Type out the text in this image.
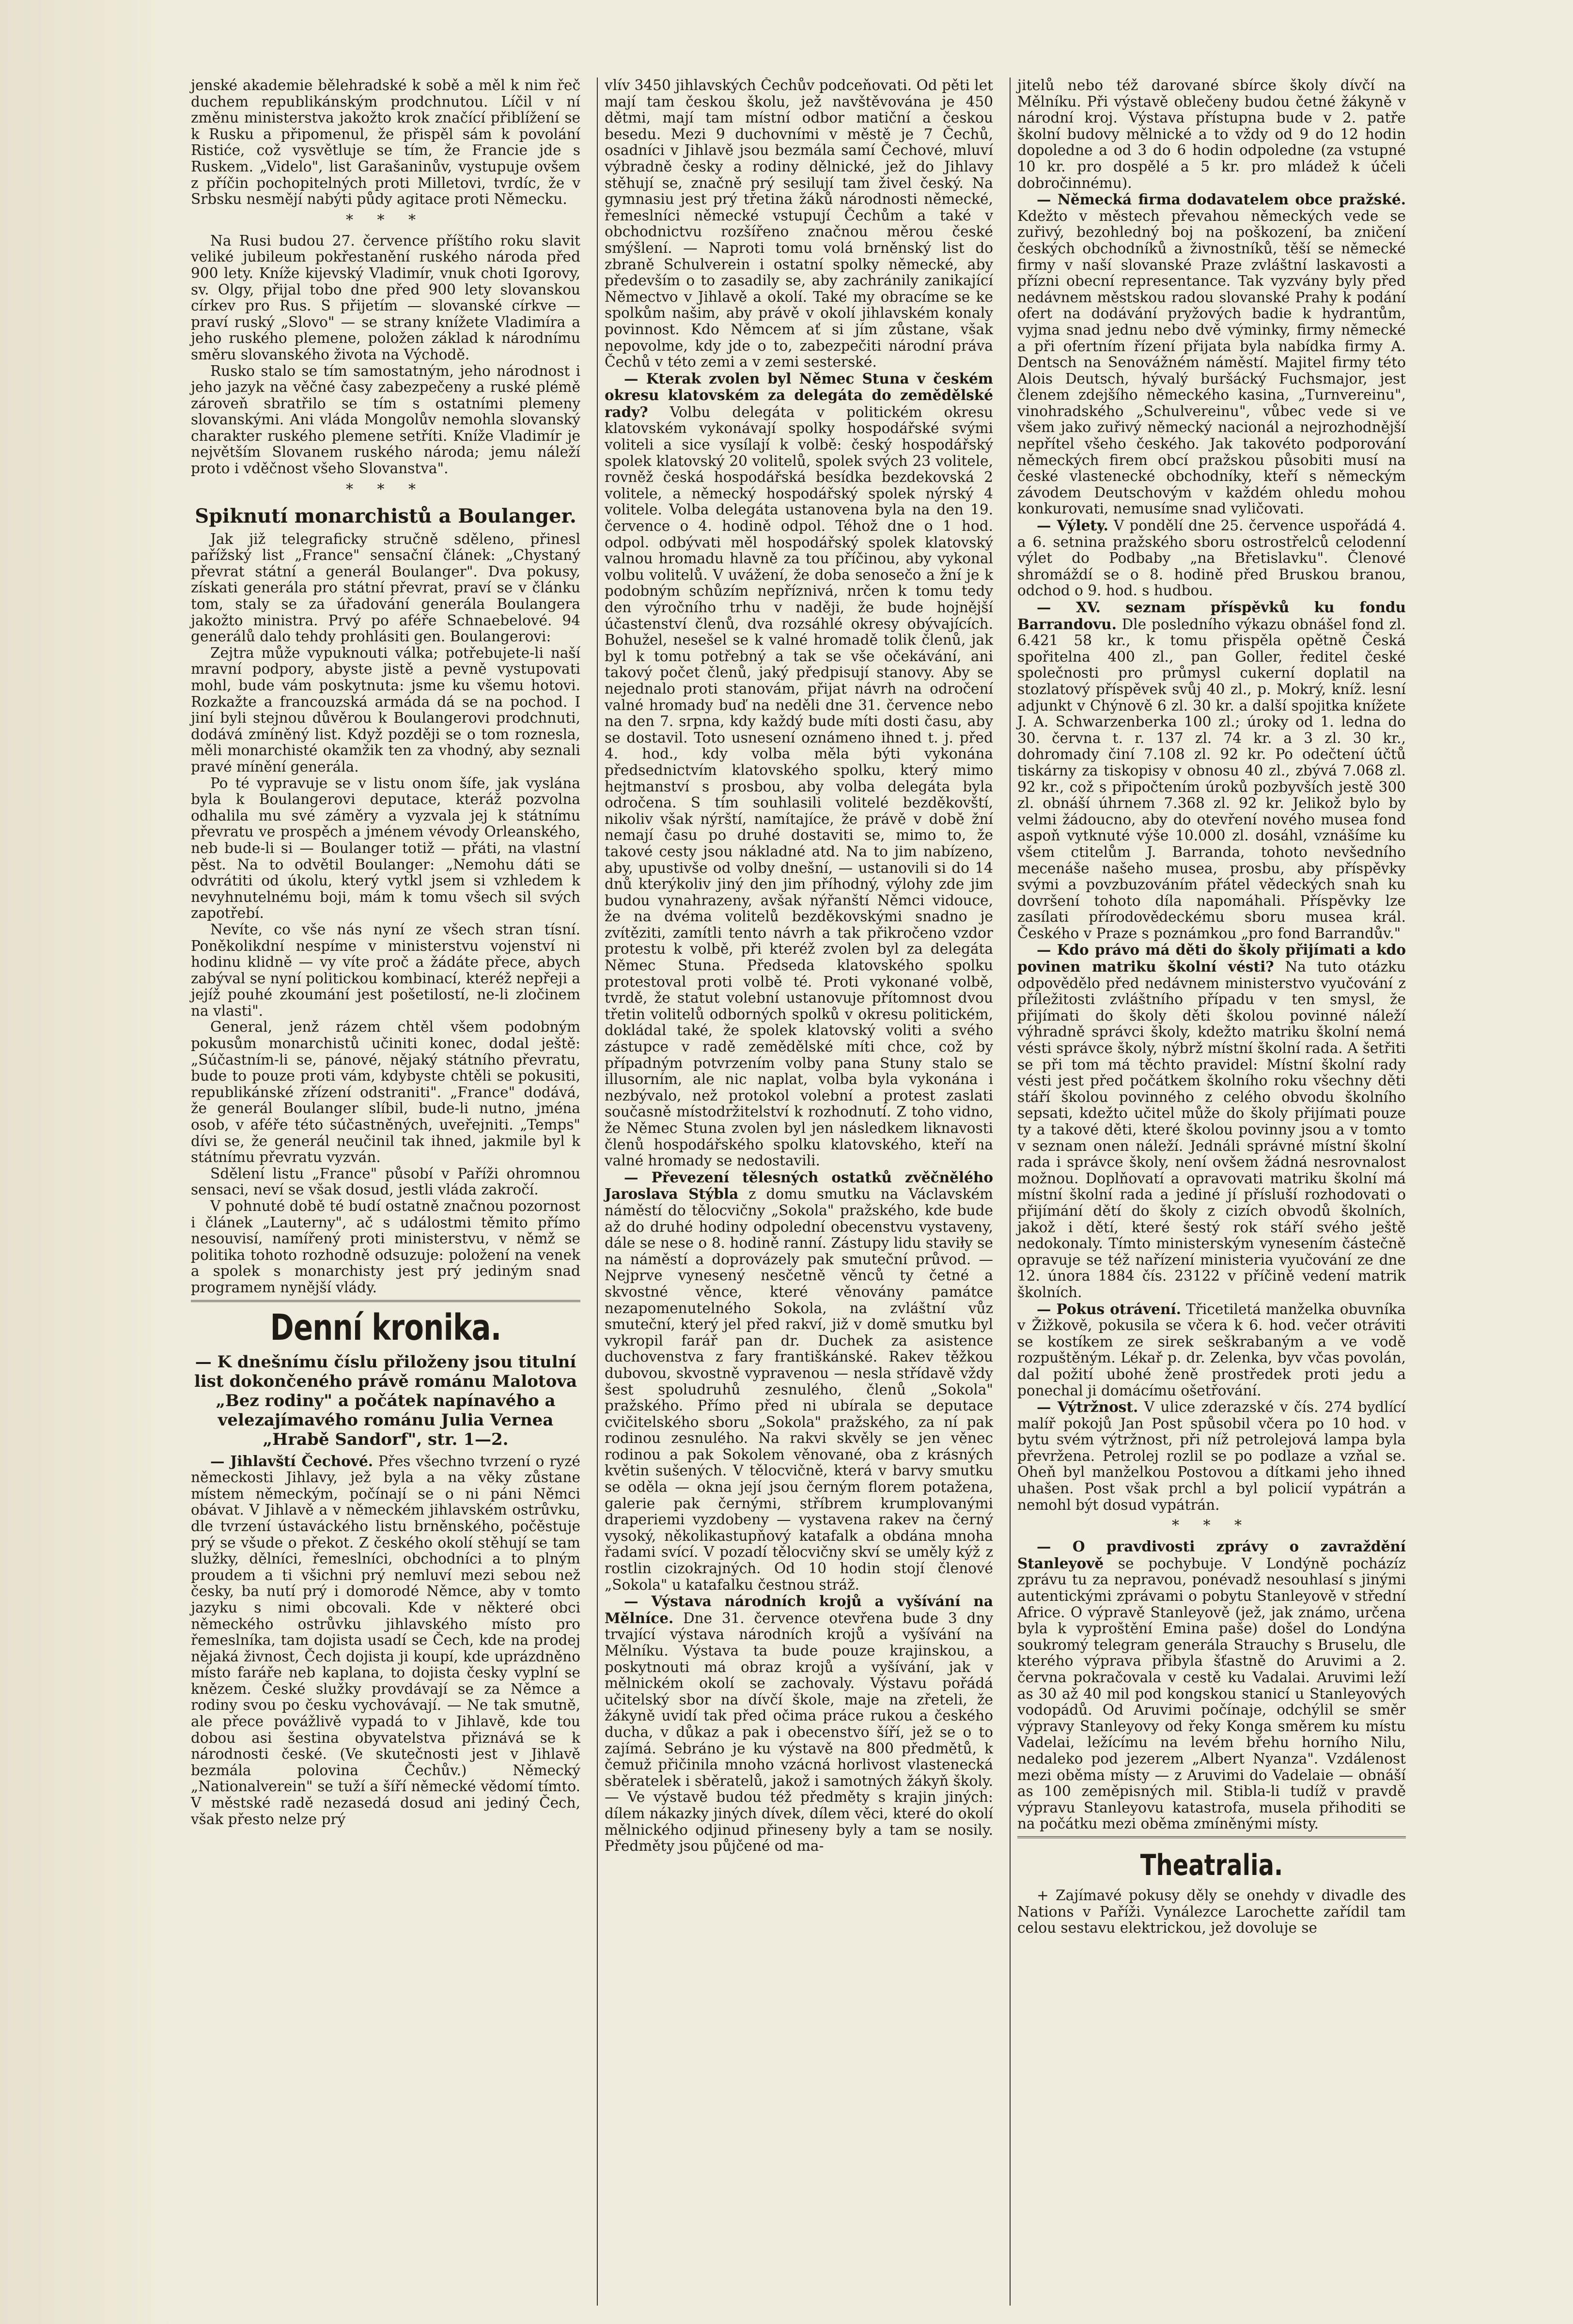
jenské akademie bělehradské k sobě a měl k nim řeč duchem republikánským prodchnutou. Líčil v ní změnu ministerstva jakožto krok značící přiblížení se k Rusku a připomenul, že přispěl sám k povolání Ristiće, což vysvětluje se tím, že Francie jde s Ruskem. „Videlo", list Garašaninův, vystupuje ovšem z příčin pochopitelných proti Milletovi, tvrdíc, že v Srbsku nesmějí nabýti půdy agitace proti Německu.

* * *

Na Rusi budou 27. července příštího roku slavit veliké jubileum pokřestanění ruského národa před 900 lety. Kníže kijevský Vladimír, vnuk choti Igorovy, sv. Olgy, přijal tobo dne před 900 lety slovanskou církev pro Rus. S přijetím — slovanské církve — praví ruský „Slovo" — se strany knížete Vladimíra a jeho ruského plemene, položen základ k národnímu směru slovanského života na Východě.

Rusko stalo se tím samostatným, jeho národnost i jeho jazyk na věčné časy zabezpečeny a ruské plémě zároveň sbratřilo se tím s ostatními plemeny slovanskými. Ani vláda Mongolův nemohla slovanský charakter ruského plemene setříti. Kníže Vladimír je největším Slovanem ruského národa; jemu náleží proto i vděčnost všeho Slovanstva".

* * *
Spiknutí monarchistů a Boulanger.

Jak již telegraficky stručně sděleno, přinesl pařížský list „France" sensační článek: „Chystaný převrat státní a generál Boulanger". Dva pokusy, získati generála pro státní převrat, praví se v článku tom, staly se za úřadování generála Boulangera jakožto ministra. Prvý po aféře Schnaebelové. 94 generálů dalo tehdy prohlásiti gen. Boulangerovi:

Zejtra může vypuknouti válka; potřebujete-li naší mravní podpory, abyste jistě a pevně vystupovati mohl, bude vám poskytnuta: jsme ku všemu hotovi. Rozkažte a francouzská armáda dá se na pochod. I jiní byli stejnou důvěrou k Boulangerovi prodchnuti, dodává zmíněný list. Když později se o tom roznesla, měli monarchisté okamžik ten za vhodný, aby seznali pravé mínění generála.

Po té vypravuje se v listu onom šífe, jak vyslána byla k Boulangerovi deputace, kteráž pozvolna odhalila mu své záměry a vyzvala jej k státnímu převratu ve prospěch a jménem vévody Orleanského, neb bude-li si — Boulanger totiž — přáti, na vlastní pěst. Na to odvětil Boulanger: „Nemohu dáti se odvrátiti od úkolu, který vytkl jsem si vzhledem k nevyhnutelnému boji, mám k tomu všech sil svých zapotřebí.

Nevíte, co vše nás nyní ze všech stran tísní. Poněkolikdní nespíme v ministerstvu vojenství ni hodinu klidně — vy víte proč a žádáte přece, abych zabýval se nyní politickou kombinací, kteréž nepřeji a jejíž pouhé zkoumání jest pošetilostí, ne-li zločinem na vlasti".

General, jenž rázem chtěl všem podobným pokusům monarchistů učiniti konec, dodal ještě: „Súčastním-li se, pánové, nějaký státního převratu, bude to pouze proti vám, kdybyste chtěli se pokusiti, republikánské zřízení odstraniti". „France" dodává, že generál Boulanger slíbil, bude-li nutno, jména osob, v aféře této súčastněných, uveřejniti. „Temps" dívi se, že generál neučinil tak ihned, jakmile byl k státnímu převratu vyzván.

Sdělení listu „France" působí v Paříži ohromnou sensaci, neví se však dosud, jestli vláda zakročí.

V pohnuté době té budí ostatně značnou pozornost i článek „Lauterny", ač s událostmi těmito přímo nesouvisí, namířený proti ministerstvu, v němž se politika tohoto rozhodně odsuzuje: položení na venek a spolek s monarchisty jest prý jediným snad programem nynější vlády.

Denní kronika.
— K dnešnímu číslu přiloženy jsou titulní list dokončeného právě románu Malotova „Bez rodiny" a počátek napínavého a velezajímavého románu Julia Vernea „Hrabě Sandorf", str. 1—2.

— Jihlavští Čechové. Přes všechno tvrzení o ryzé německosti Jihlavy, jež byla a na věky zůstane místem německým, počínají se o ni páni Němci obávat. V Jihlavě a v německém jihlavském ostrůvku, dle tvrzení ústaváckého listu brněnského, počěstuje prý se všude o překot. Z českého okolí stěhují se tam služky, dělníci, řemeslníci, obchodníci a to plným proudem a ti všichni prý nemluví mezi sebou než česky, ba nutí prý i domorodé Němce, aby v tomto jazyku s nimi obcovali. Kde v některé obci německého ostrůvku jihlavského místo pro řemeslníka, tam dojista usadí se Čech, kde na prodej nějaká živnost, Čech dojista ji koupí, kde uprázdněno místo faráře neb kaplana, to dojista česky vyplní se knězem. České služky provdávají se za Němce a rodiny svou po česku vychovávají. — Ne tak smutně, ale přece povážlivě vypadá to v Jihlavě, kde tou dobou asi šestina obyvatelstva přiznává se k národnosti české. (Ve skutečnosti jest v Jihlavě bezmála polovina Čechův.) Německý „Nationalverein" se tuží a šíří německé vědomí tímto. V městské radě nezasedá dosud ani jediný Čech, však přesto nelze prý

vlív 3450 jihlavských Čechův podceňovati. Od pěti let mají tam českou školu, jež navštěvována je 450 dětmi, mají tam místní odbor matiční a českou besedu. Mezi 9 duchovními v městě je 7 Čechů, osadníci v Jihlavě jsou bezmála samí Čechové, mluví výbradně česky a rodiny dělnické, jež do Jihlavy stěhují se, značně prý sesilují tam živel český. Na gymnasiu jest prý třetina žáků národnosti německé, řemeslníci německé vstupují Čechům a také v obchodnictvu rozšířeno značnou měrou české smýšlení. — Naproti tomu volá brněnský list do zbraně Schulverein i ostatní spolky německé, aby především o to zasadily se, aby zachránily zanikající Němectvo v Jihlavě a okolí. Také my obracíme se ke spolkům našim, aby právě v okolí jihlavském konaly povinnost. Kdo Němcem ať si jím zůstane, však nepovolme, kdy jde o to, zabezpečiti národní práva Čechů v této zemi a v zemi sesterské.

— Kterak zvolen byl Němec Stuna v českém okresu klatovském za delegáta do zemědělské rady? Volbu delegáta v politickém okresu klatovském vykonávají spolky hospodářské svými voliteli a sice vysílají k volbě: český hospodářský spolek klatovský 20 volitelů, spolek svých 23 volitele, rovněž česká hospodářská besídka bezdekovská 2 volitele, a německý hospodářský spolek nýrský 4 volitele. Volba delegáta ustanovena byla na den 19. července o 4. hodině odpol. Téhož dne o 1 hod. odpol. odbývati měl hospodářský spolek klatovský valnou hromadu hlavně za tou příčinou, aby vykonal volbu volitelů. V uvážení, že doba senosečo a žní je k podobným schůzím nepříznivá, nrčen k tomu tedy den výročního trhu v naději, že bude hojnější účastenství členů, dva rozsáhlé okresy obývajících. Bohužel, nesešel se k valné hromadě tolik členů, jak byl k tomu potřebný a tak se vše očekávání, ani takový počet členů, jaký předpisují stanovy. Aby se nejednalo proti stanovám, přijat návrh na odročení valné hromady buď na neděli dne 31. července nebo na den 7. srpna, kdy každý bude míti dosti času, aby se dostavil. Toto usnesení oznámeno ihned t. j. před 4. hod., kdy volba měla býti vykonána předsednictvím klatovského spolku, který mimo hejtmanství s prosbou, aby volba delegáta byla odročena. S tím souhlasili volitelé bezděkovští, nikoliv však nýrští, namítajíce, že právě v době žní nemají času po druhé dostaviti se, mimo to, že takové cesty jsou nákladné atd. Na to jim nabízeno, aby, upustivše od volby dnešní, — ustanovili si do 14 dnů kterýkoliv jiný den jim příhodný, výlohy zde jim budou vynahrazeny, avšak nýřanští Němci vidouce, že na dvéma volitelů bezděkovskými snadno je zvítěziti, zamítli tento návrh a tak přikročeno vzdor protestu k volbě, při kteréž zvolen byl za delegáta Němec Stuna. Předseda klatovského spolku protestoval proti volbě té. Proti vykonané volbě, tvrdě, že statut volební ustanovuje přítomnost dvou třetin volitelů odborných spolků v okresu politickém, dokládal také, že spolek klatovský voliti a svého zástupce v radě zemědělské míti chce, což by případným potvrzením volby pana Stuny stalo se illusorním, ale nic naplat, volba byla vykonána i nezbývalo, než protokol volební a protest zaslati současně místodržitelství k rozhodnutí. Z toho vidno, že Němec Stuna zvolen byl jen následkem liknavosti členů hospodářského spolku klatovského, kteří na valné hromady se nedostavili.

— Převezení tělesných ostatků zvěčnělého Jaroslava Stýbla z domu smutku na Václavském náměstí do tělocvičny „Sokola" pražského, kde bude až do druhé hodiny odpolední obecenstvu vystaveny, dále se nese o 8. hodině ranní. Zástupy lidu staviły se na náměstí a doprovázely pak smuteční průvod. — Nejprve vynesený nesčetně věnců ty četné a skvostné věnce, které věnovány památce nezapomenutelného Sokola, na zvláštní vůz smuteční, který jel před rakví, již v domě smutku byl vykropil farář pan dr. Duchek za asistence duchovenstva z fary františkánské. Rakev těžkou dubovou, skvostně vypravenou — nesla střídavě vždy šest spoludruhů zesnulého, členů „Sokola" pražského. Přímo před ni ubírala se deputace cvičitelského sboru „Sokola" pražského, za ní pak rodinou zesnulého. Na rakvi skvěly se jen věnec rodinou a pak Sokolem věnované, oba z krásných květin sušených. V tělocvičně, která v barvy smutku se oděla — okna její jsou černým florem potažena, galerie pak černými, stříbrem krumplovanými draperiemi vyzdobeny — vystavena rakev na černý vysoký, několikastupňový katafalk a obdána mnoha řadami svící. V pozadí tělocvičny skví se uměly kýž z rostlin cizokrajných. Od 10 hodin stojí členové „Sokola" u katafalku čestnou stráž.

— Výstava národních krojů a vyšívání na Mělníce. Dne 31. července otevřena bude 3 dny trvající výstava národních krojů a vyšívání na Mělníku. Výstava ta bude pouze krajinskou, a poskytnouti má obraz krojů a vyšívání, jak v mělnickém okolí se zachovaly. Výstavu pořádá učitelský sbor na dívčí škole, maje na zřeteli, že žákyně uvidí tak před očima práce rukou a českého ducha, v důkaz a pak i obecenstvo šíří, jež se o to zajímá. Sebráno je ku výstavě na 800 předmětů, k čemuž přičinila mnoho vzácná horlivost vlastenecká sběratelek i sběratelů, jakož i samotných žákyň školy. — Ve výstavě budou též předměty s krajin jiných: dílem nákazky jiných dívek, dílem věci, které do okolí mělnického odjinud přineseny byly a tam se nosily. Předměty jsou půjčené od ma-

jitelů nebo též darované sbírce školy dívčí na Mělníku. Při výstavě oblečeny budou četné žákyně v národní kroj. Výstava přístupna bude v 2. patře školní budovy mělnické a to vždy od 9 do 12 hodin dopoledne a od 3 do 6 hodin odpoledne (za vstupné 10 kr. pro dospělé a 5 kr. pro mládež k účeli dobročinnému).

— Německá firma dodavatelem obce pražské. Kdežto v městech převahou německých vede se zuřivý, bezohledný boj na poškození, ba zničení českých obchodníků a živnostníků, těší se německé firmy v naší slovanské Praze zvláštní laskavosti a přízni obecní representance. Tak vyzvány byly před nedávnem městskou radou slovanské Prahy k podání ofert na dodávání pryžových badie k hydrantům, vyjma snad jednu nebo dvě výminky, firmy německé a při ofertním řízení přijata byla nabídka firmy A. Dentsch na Senovážném náměstí. Majitel firmy této Alois Deutsch, hývalý buršácký Fuchsmajor, jest členem zdejšího německého kasina, „Turnvereinu", vinohradského „Schulvereinu", vůbec vede si ve všem jako zuřivý německý nacionál a nejrozhodnější nepřítel všeho českého. Jak takovéto podporování německých firem obcí pražskou působiti musí na české vlastenecké obchodníky, kteří s německým závodem Deutschovým v každém ohledu mohou konkurovati, nemusíme snad vyličovati.

— Výlety. V pondělí dne 25. července uspořádá 4. a 6. setnina pražského sboru ostrostřelců celodenní výlet do Podbaby „na Břetislavku". Členové shromáždí se o 8. hodině před Bruskou branou, odchod o 9. hod. s hudbou.

— XV. seznam příspěvků ku fondu Barrandovu. Dle posledního výkazu obnášel fond zl. 6.421 58 kr., k tomu přispěla opětně Česká spořitelna 400 zl., pan Goller, ředitel české společnosti pro průmysl cukerní doplatil na stozlatový příspěvek svůj 40 zl., p. Mokrý, kníž. lesní adjunkt v Chýnově 6 zl. 30 kr. a další spojitka knížete J. A. Schwarzenberka 100 zl.; úroky od 1. ledna do 30. června t. r. 137 zl. 74 kr. a 3 zl. 30 kr., dohromady činí 7.108 zl. 92 kr. Po odečtení účtů tiskárny za tiskopisy v obnosu 40 zl., zbývá 7.068 zl. 92 kr., což s připočtením úroků pozbyvších jestě 300 zl. obnáší úhrnem 7.368 zl. 92 kr. Jelikož bylo by velmi žádoucno, aby do otevření nového musea fond aspoň vytknuté výše 10.000 zl. dosáhl, vznášíme ku všem ctitelům J. Barranda, tohoto nevšedního mecenáše našeho musea, prosbu, aby příspěvky svými a povzbuzováním přátel vědeckých snah ku dovršení tohoto díla napomáhali. Příspěvky lze zasílati přírodovědeckému sboru musea král. Českého v Praze s poznámkou „pro fond Barrandův."

— Kdo právo má děti do školy přijímati a kdo povinen matriku školní vésti? Na tuto otázku odpovědělo před nedávnem ministerstvo vyučování z příležitosti zvláštního případu v ten smysl, že přijímati do školy děti školou povinné náleží výhradně správci školy, kdežto matriku školní nemá vésti správce školy, nýbrž místní školní rada. A šetřiti se při tom má těchto pravidel: Místní školní rady vésti jest před počátkem školního roku všechny děti stáří školou povinného z celého obvodu školního sepsati, kdežto učitel může do školy přijímati pouze ty a takové děti, které školou povinny jsou a v tomto v seznam onen náleží. Jednáli správné místní školní rada i správce školy, není ovšem žádná nesrovnalost možnou. Doplňovatí a opravovati matriku školní má místní školní rada a jediné jí přísluší rozhodovati o přijímání dětí do školy z cizích obvodů školních, jakož i dětí, které šestý rok stáří svého ještě nedokonaly. Tímto ministerským vynesením částečně opravuje se též nařízení ministeria vyučování ze dne 12. února 1884 čís. 23122 v příčině vedení matrik školních.

— Pokus otrávení. Třicetiletá manželka obuvníka v Žižkově, pokusila se včera k 6. hod. večer otráviti se kostíkem ze sirek seškrabaným a ve vodě rozpuštěným. Lékař p. dr. Zelenka, byv včas povolán, dal požití ubohé ženě prostředek proti jedu a ponechal ji domácímu ošetřování.

— Výtržnost. V ulice zderazské v čís. 274 bydlící malíř pokojů Jan Post spůsobil včera po 10 hod. v bytu svém výtržnost, při níž petrolejová lampa byla převržena. Petrolej rozlil se po podlaze a vzňal se. Oheň byl manželkou Postovou a dítkami jeho ihned uhašen. Post však prchl a byl policií vypátrán a nemohl být dosud vypátrán.

* * *

— O pravdivosti zprávy o zavraždění Stanleyově se pochybuje. V Londýně pocházíz zprávu tu za nepravou, ponévadž nesouhlasí s jinými autentickými zprávami o pobytu Stanleyově v střední Africe. O výpravě Stanleyově (jež, jak známo, určena byla k vyproštění Emina paše) došel do Londýna soukromý telegram generála Strauchy s Bruselu, dle kterého výprava přibyla šťastně do Aruvimi a 2. června pokračovala v cestě ku Vadalai. Aruvimi leží as 30 až 40 mil pod kongskou stanicí u Stanleyových vodopádů. Od Aruvimi počínaje, odchýlil se směr výpravy Stanleyovy od řeky Konga směrem ku místu Vadelai, ležícímu na levém břehu horního Nilu, nedaleko pod jezerem „Albert Nyanza". Vzdálenost mezi oběma místy — z Aruvimi do Vadelaie — obnáší as 100 zeměpisných mil. Stibla-li tudíž v pravdě výpravu Stanleyovu katastrofa, musela přihoditi se na počátku mezi oběma zmíněnými místy.

Theatralia.

+ Zajímavé pokusy děly se onehdy v divadle des Nations v Paříži. Vynálezce Larochette zařídil tam celou sestavu elektrickou, jež dovoluje se
